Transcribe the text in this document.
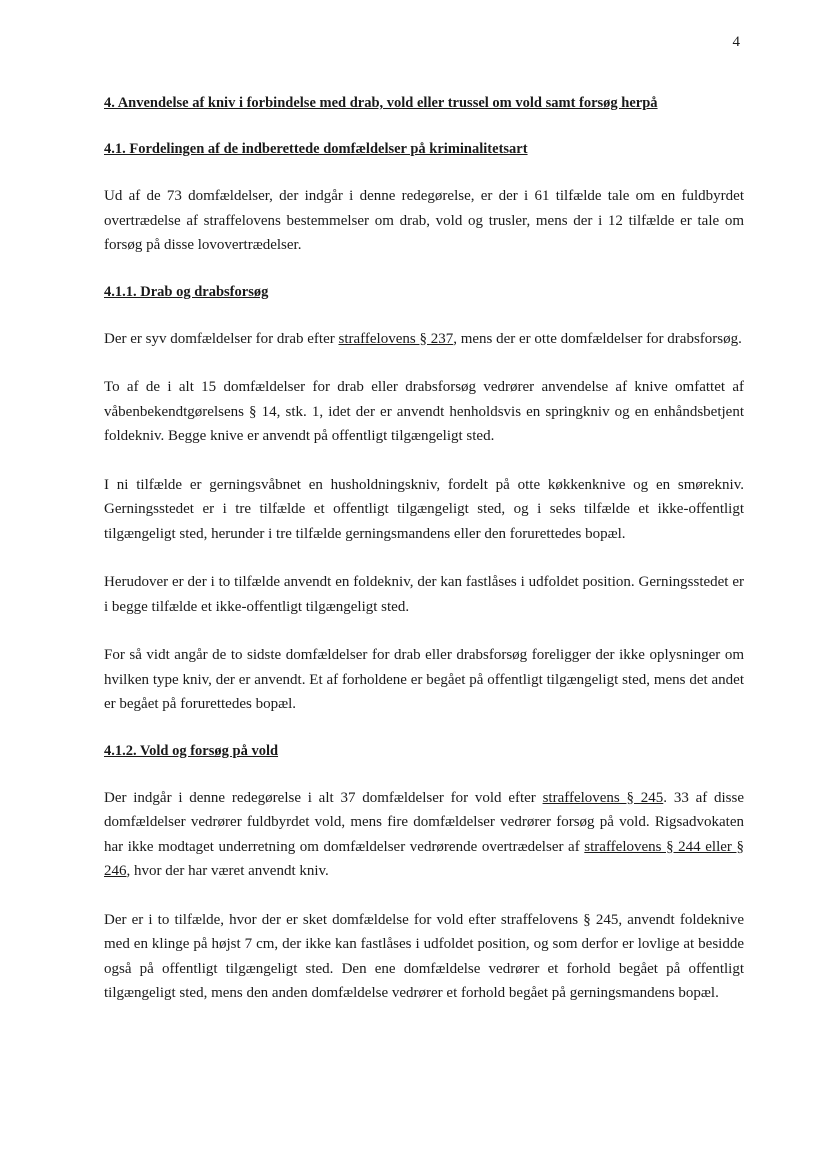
4

4. Anvendelse af kniv i forbindelse med drab, vold eller trussel om vold samt forsøg herpå

4.1. Fordelingen af de indberettede domfældelser på kriminalitetsart

Ud af de 73 domfældelser, der indgår i denne redegørelse, er der i 61 tilfælde tale om en fuldbyrdet overtrædelse af straffelovens bestemmelser om drab, vold og trusler, mens der i 12 tilfælde er tale om forsøg på disse lovovertrædelser.

4.1.1. Drab og drabsforsøg

Der er syv domfældelser for drab efter straffelovens § 237, mens der er otte domfældelser for drabsforsøg.

To af de i alt 15 domfældelser for drab eller drabsforsøg vedrører anvendelse af knive omfattet af våbenbekendtgørelsens § 14, stk. 1, idet der er anvendt henholdsvis en springkniv og en enhåndsbetjent foldekniv. Begge knive er anvendt på offentligt tilgængeligt sted.

I ni tilfælde er gerningsvåbnet en husholdningskniv, fordelt på otte køkkenknive og en smørekniv. Gerningsstedet er i tre tilfælde et offentligt tilgængeligt sted, og i seks tilfælde et ikke-offentligt tilgængeligt sted, herunder i tre tilfælde gerningsmandens eller den forurettedes bopæl.

Herudover er der i to tilfælde anvendt en foldekniv, der kan fastlåses i udfoldet position. Gerningsstedet er i begge tilfælde et ikke-offentligt tilgængeligt sted.

For så vidt angår de to sidste domfældelser for drab eller drabsforsøg foreligger der ikke oplysninger om hvilken type kniv, der er anvendt. Et af forholdene er begået på offentligt tilgængeligt sted, mens det andet er begået på forurettedes bopæl.

4.1.2. Vold og forsøg på vold

Der indgår i denne redegørelse i alt 37 domfældelser for vold efter straffelovens § 245. 33 af disse domfældelser vedrører fuldbyrdet vold, mens fire domfældelser vedrører forsøg på vold. Rigsadvokaten har ikke modtaget underretning om domfældelser vedrørende overtrædelser af straffelovens § 244 eller § 246, hvor der har været anvendt kniv.

Der er i to tilfælde, hvor der er sket domfældelse for vold efter straffelovens § 245, anvendt foldeknive med en klinge på højst 7 cm, der ikke kan fastlåses i udfoldet position, og som derfor er lovlige at besidde også på offentligt tilgængeligt sted. Den ene domfældelse vedrører et forhold begået på offentligt tilgængeligt sted, mens den anden domfældelse vedrører et forhold begået på gerningsmandens bopæl.
